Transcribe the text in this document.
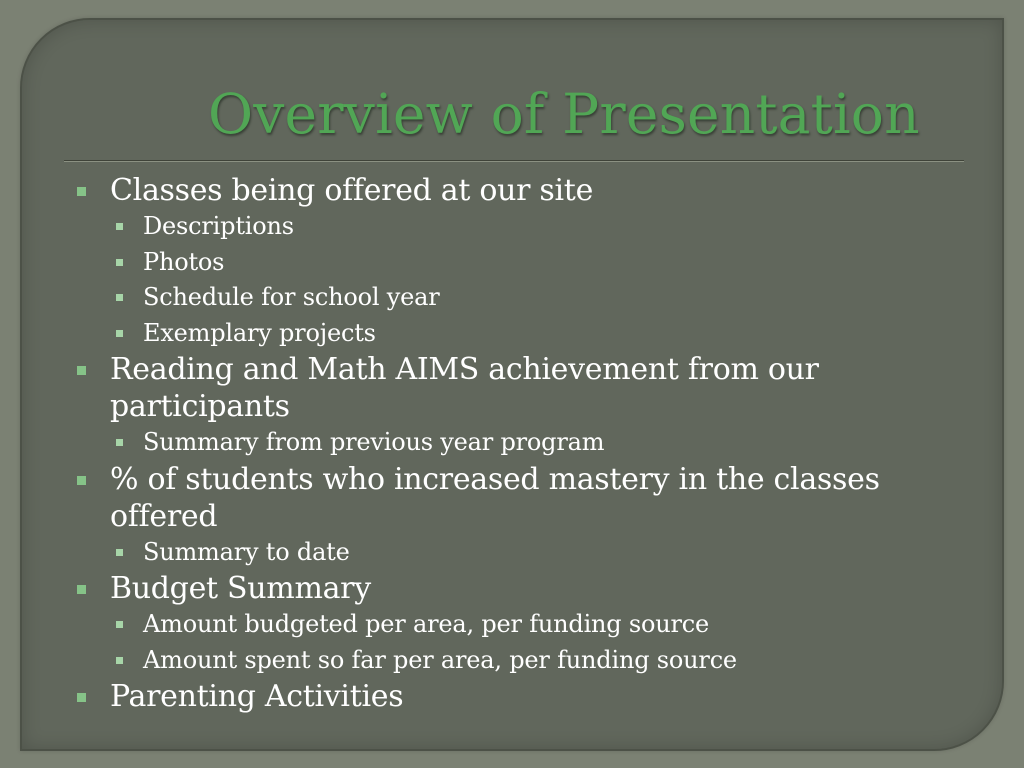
Overview of Presentation
Classes being offered at our site
Descriptions
Photos
Schedule for school year
Exemplary projects
Reading and Math AIMS achievement from our participants
Summary from previous year program
% of students who increased mastery in the classes offered
Summary to date
Budget Summary
Amount budgeted per area, per funding source
Amount spent so far per area, per funding source
Parenting Activities
